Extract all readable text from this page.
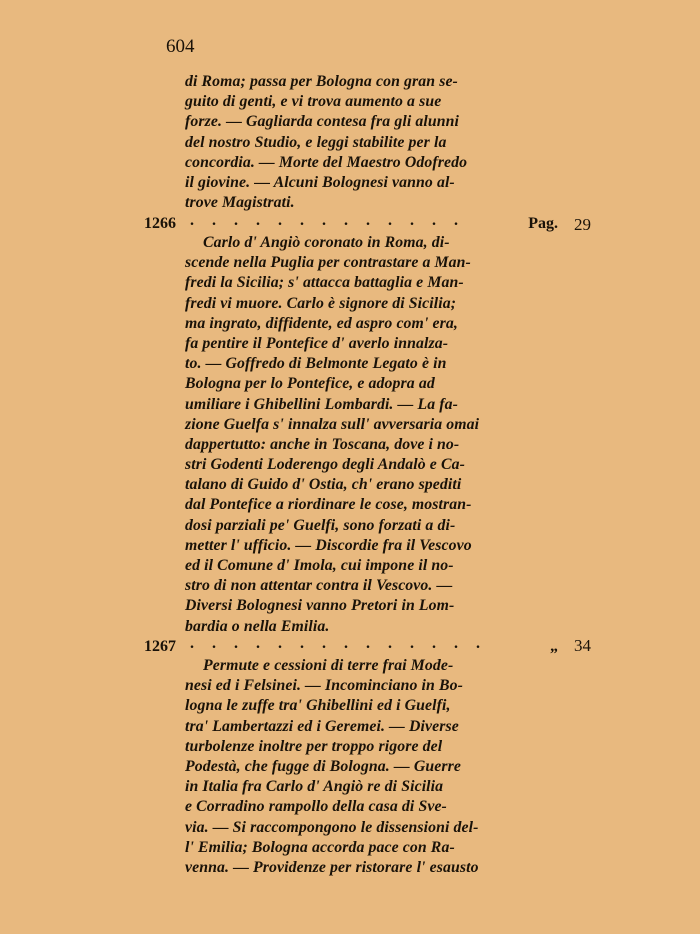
604
di Roma; passa per Bologna con gran se-
guito di genti, e vi trova aumento a sue
forze. — Gagliarda contesa fra gli alunni
del nostro Studio, e leggi stabilite per la
concordia. — Morte del Maestro Odofredo
il giovine. — Alcuni Bolognesi vanno al-
trove Magistrati.
1266 . . . . . . . . . . . . .	Pag. 29
Carlo d' Angiò coronato in Roma, di-
scende nella Puglia per contrastare a Man-
fredi la Sicilia; s' attacca battaglia e Man-
fredi vi muore. Carlo è signore di Sicilia;
ma ingrato, diffidente, ed aspro com' era,
fa pentire il Pontefice d' averlo innalza-
to. — Goffredo di Belmonte Legato è in
Bologna per lo Pontefice, e adopra ad
umiliare i Ghibellini Lombardi. — La fa-
zione Guelfa s' innalza sull' avversaria omai
dappertutto: anche in Toscana, dove i no-
stri Godenti Loderengo degli Andalò e Ca-
talano di Guido d' Ostia, ch' erano spediti
dal Pontefice a riordinare le cose, mostran-
dosi parziali pe' Guelfi, sono forzati a di-
metter l' ufficio. — Discordie fra il Vescovo
ed il Comune d' Imola, cui impone il no-
stro di non attentar contra il Vescovo. —
Diversi Bolognesi vanno Pretori in Lom-
bardia o nella Emilia.
1267 . . . . . . . . . . . . . .	„ 34
Permute e cessioni di terre frai Mode-
nesi ed i Felsinei. — Incominciano in Bo-
logna le zuffe tra' Ghibellini ed i Guelfi,
tra' Lambertazzi ed i Geremei. — Diverse
turbolenze inoltre per troppo rigore del
Podestà, che fugge di Bologna. — Guerre
in Italia fra Carlo d' Angiò re di Sicilia
e Corradino rampollo della casa di Sve-
via. — Si raccompongono le dissensioni del-
l' Emilia; Bologna accorda pace con Ra-
venna. — Providenze per ristorare l' esausto
